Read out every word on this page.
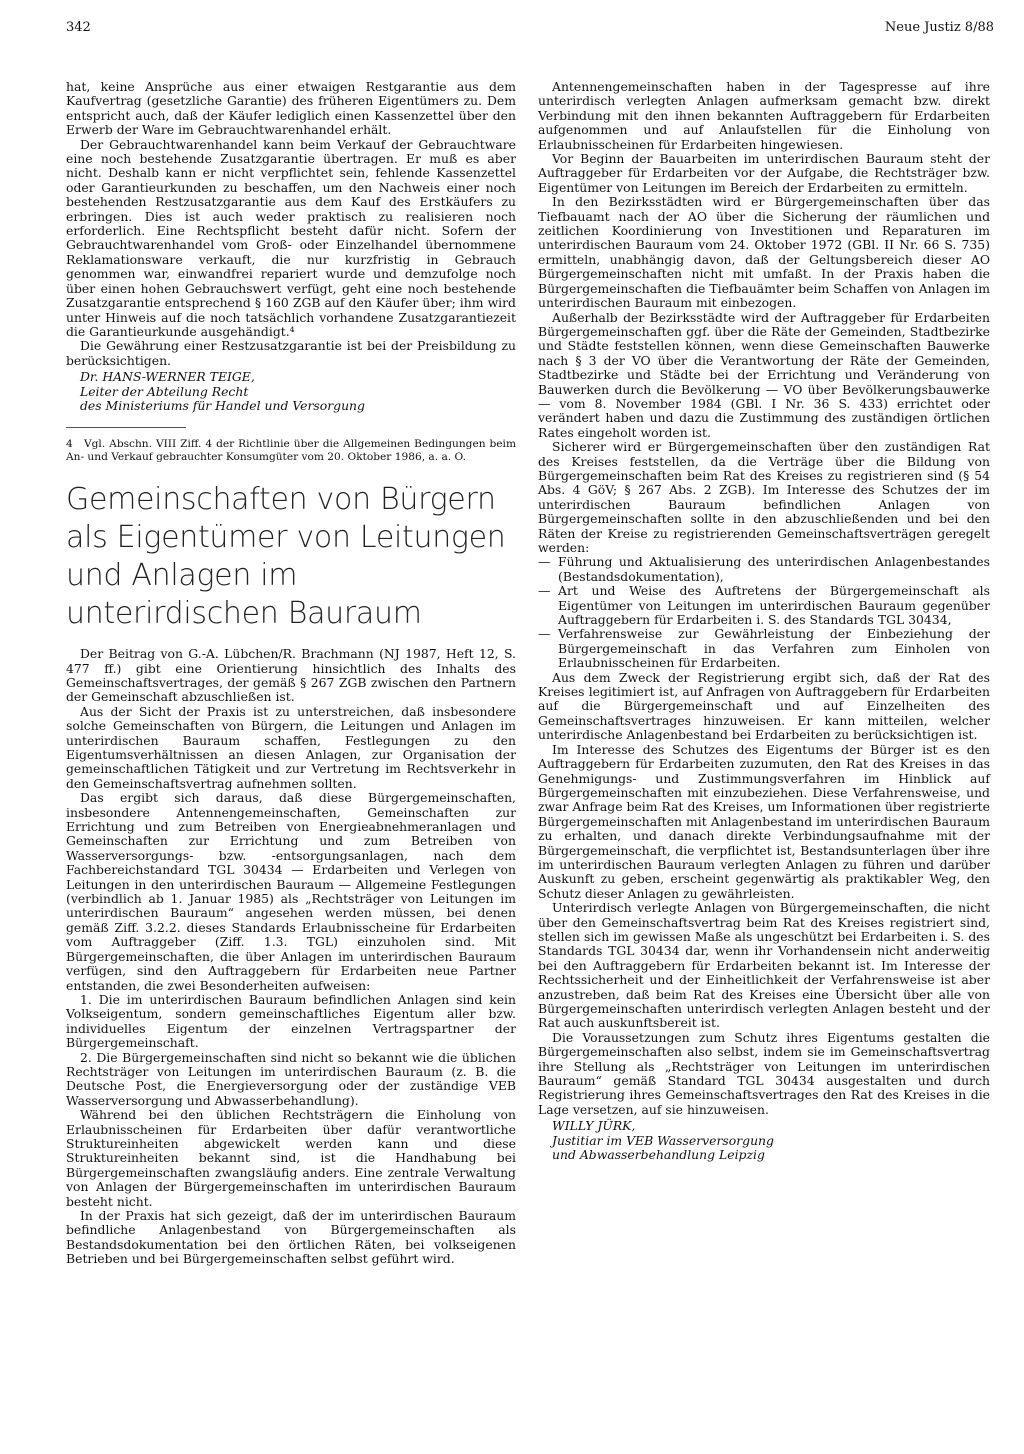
342	Neue Justiz 8/88

hat, keine Ansprüche aus einer etwaigen Restgarantie aus dem Kaufvertrag (gesetzliche Garantie) des früheren Eigentümers zu. Dem entspricht auch, daß der Käufer lediglich einen Kassenzettel über den Erwerb der Ware im Gebrauchtwarenhandel erhält.

Der Gebrauchtwarenhandel kann beim Verkauf der Gebrauchtware eine noch bestehende Zusatzgarantie übertragen. Er muß es aber nicht. Deshalb kann er nicht verpflichtet sein, fehlende Kassenzettel oder Garantieurkunden zu beschaffen, um den Nachweis einer noch bestehenden Restzusatzgarantie aus dem Kauf des Erstkäufers zu erbringen. Dies ist auch weder praktisch zu realisieren noch erforderlich. Eine Rechtspflicht besteht dafür nicht. Sofern der Gebrauchtwarenhandel vom Groß- oder Einzelhandel übernommene Reklamationsware verkauft, die nur kurzfristig in Gebrauch genommen war, einwandfrei repariert wurde und demzufolge noch über einen hohen Gebrauchswert verfügt, geht eine noch bestehende Zusatzgarantie entsprechend § 160 ZGB auf den Käufer über; ihm wird unter Hinweis auf die noch tatsächlich vorhandene Zusatzgarantiezeit die Garantieurkunde ausgehändigt.⁴

Die Gewährung einer Restzusatzgarantie ist bei der Preisbildung zu berücksichtigen.

Dr. HANS-WERNER TEIGE,

Leiter der Abteilung Recht

des Ministeriums für Handel und Versorgung

4 Vgl. Abschn. VIII Ziff. 4 der Richtlinie über die Allgemeinen Bedingungen beim An- und Verkauf gebrauchter Konsumgüter vom 20. Oktober 1986, a. a. O.

Gemeinschaften von Bürgern als Eigentümer von Leitungen und Anlagen im unterirdischen Bauraum

Der Beitrag von G.-A. Lübchen/R. Brachmann (NJ 1987, Heft 12, S. 477 ff.) gibt eine Orientierung hinsichtlich des Inhalts des Gemeinschaftsvertrages, der gemäß § 267 ZGB zwischen den Partnern der Gemeinschaft abzuschließen ist.

Aus der Sicht der Praxis ist zu unterstreichen, daß insbesondere solche Gemeinschaften von Bürgern, die Leitungen und Anlagen im unterirdischen Bauraum schaffen, Festlegungen zu den Eigentumsverhältnissen an diesen Anlagen, zur Organisation der gemeinschaftlichen Tätigkeit und zur Vertretung im Rechtsverkehr in den Gemeinschaftsvertrag aufnehmen sollten.

Das ergibt sich daraus, daß diese Bürgergemeinschaften, insbesondere Antennengemeinschaften, Gemeinschaften zur Errichtung und zum Betreiben von Energieabnehmeranlagen und Gemeinschaften zur Errichtung und zum Betreiben von Wasserversorgungs- bzw. -entsorgungsanlagen, nach dem Fachbereichstandard TGL 30434 — Erdarbeiten und Verlegen von Leitungen in den unterirdischen Bauraum — Allgemeine Festlegungen (verbindlich ab 1. Januar 1985) als „Rechtsträger von Leitungen im unterirdischen Bauraum“ angesehen werden müssen, bei denen gemäß Ziff. 3.2.2. dieses Standards Erlaubnisscheine für Erdarbeiten vom Auftraggeber (Ziff. 1.3. TGL) einzuholen sind. Mit Bürgergemeinschaften, die über Anlagen im unterirdischen Bauraum verfügen, sind den Auftraggebern für Erdarbeiten neue Partner entstanden, die zwei Besonderheiten aufweisen:

1. Die im unterirdischen Bauraum befindlichen Anlagen sind kein Volkseigentum, sondern gemeinschaftliches Eigentum aller bzw. individuelles Eigentum der einzelnen Vertragspartner der Bürgergemeinschaft.

2. Die Bürgergemeinschaften sind nicht so bekannt wie die üblichen Rechtsträger von Leitungen im unterirdischen Bauraum (z. B. die Deutsche Post, die Energieversorgung oder der zuständige VEB Wasserversorgung und Abwasserbehandlung).

Während bei den üblichen Rechtsträgern die Einholung von Erlaubnisscheinen für Erdarbeiten über dafür verantwortliche Struktureinheiten abgewickelt werden kann und diese Struktureinheiten bekannt sind, ist die Handhabung bei Bürgergemeinschaften zwangsläufig anders. Eine zentrale Verwaltung von Anlagen der Bürgergemeinschaften im unterirdischen Bauraum besteht nicht.

In der Praxis hat sich gezeigt, daß der im unterirdischen Bauraum befindliche Anlagenbestand von Bürgergemeinschaften als Bestandsdokumentation bei den örtlichen Räten, bei volkseigenen Betrieben und bei Bürgergemeinschaften selbst geführt wird.

Antennengemeinschaften haben in der Tagespresse auf ihre unterirdisch verlegten Anlagen aufmerksam gemacht bzw. direkt Verbindung mit den ihnen bekannten Auftraggebern für Erdarbeiten aufgenommen und auf Anlaufstellen für die Einholung von Erlaubnisscheinen für Erdarbeiten hingewiesen.

Vor Beginn der Bauarbeiten im unterirdischen Bauraum steht der Auftraggeber für Erdarbeiten vor der Aufgabe, die Rechtsträger bzw. Eigentümer von Leitungen im Bereich der Erdarbeiten zu ermitteln.

In den Bezirksstädten wird er Bürgergemeinschaften über das Tiefbauamt nach der AO über die Sicherung der räumlichen und zeitlichen Koordinierung von Investitionen und Reparaturen im unterirdischen Bauraum vom 24. Oktober 1972 (GBl. II Nr. 66 S. 735) ermitteln, unabhängig davon, daß der Geltungsbereich dieser AO Bürgergemeinschaften nicht mit umfaßt. In der Praxis haben die Bürgergemeinschaften die Tiefbauämter beim Schaffen von Anlagen im unterirdischen Bauraum mit einbezogen.

Außerhalb der Bezirksstädte wird der Auftraggeber für Erdarbeiten Bürgergemeinschaften ggf. über die Räte der Gemeinden, Stadtbezirke und Städte feststellen können, wenn diese Gemeinschaften Bauwerke nach § 3 der VO über die Verantwortung der Räte der Gemeinden, Stadtbezirke und Städte bei der Errichtung und Veränderung von Bauwerken durch die Bevölkerung — VO über Bevölkerungsbauwerke — vom 8. November 1984 (GBl. I Nr. 36 S. 433) errichtet oder verändert haben und dazu die Zustimmung des zuständigen örtlichen Rates eingeholt worden ist.

Sicherer wird er Bürgergemeinschaften über den zuständigen Rat des Kreises feststellen, da die Verträge über die Bildung von Bürgergemeinschaften beim Rat des Kreises zu registrieren sind (§ 54 Abs. 4 GöV; § 267 Abs. 2 ZGB). Im Interesse des Schutzes der im unterirdischen Bauraum befindlichen Anlagen von Bürgergemeinschaften sollte in den abzuschließenden und bei den Räten der Kreise zu registrierenden Gemeinschaftsverträgen geregelt werden:

— Führung und Aktualisierung des unterirdischen Anlagenbestandes (Bestandsdokumentation),
— Art und Weise des Auftretens der Bürgergemeinschaft als Eigentümer von Leitungen im unterirdischen Bauraum gegenüber Auftraggebern für Erdarbeiten i. S. des Standards TGL 30434,
— Verfahrensweise zur Gewährleistung der Einbeziehung der Bürgergemeinschaft in das Verfahren zum Einholen von Erlaubnisscheinen für Erdarbeiten.

Aus dem Zweck der Registrierung ergibt sich, daß der Rat des Kreises legitimiert ist, auf Anfragen von Auftraggebern für Erdarbeiten auf die Bürgergemeinschaft und auf Einzelheiten des Gemeinschaftsvertrages hinzuweisen. Er kann mitteilen, welcher unterirdische Anlagenbestand bei Erdarbeiten zu berücksichtigen ist.

Im Interesse des Schutzes des Eigentums der Bürger ist es den Auftraggebern für Erdarbeiten zuzumuten, den Rat des Kreises in das Genehmigungs- und Zustimmungsverfahren im Hinblick auf Bürgergemeinschaften mit einzubeziehen. Diese Verfahrensweise, und zwar Anfrage beim Rat des Kreises, um Informationen über registrierte Bürgergemeinschaften mit Anlagenbestand im unterirdischen Bauraum zu erhalten, und danach direkte Verbindungsaufnahme mit der Bürgergemeinschaft, die verpflichtet ist, Bestandsunterlagen über ihre im unterirdischen Bauraum verlegten Anlagen zu führen und darüber Auskunft zu geben, erscheint gegenwärtig als praktikabler Weg, den Schutz dieser Anlagen zu gewährleisten.

Unterirdisch verlegte Anlagen von Bürgergemeinschaften, die nicht über den Gemeinschaftsvertrag beim Rat des Kreises registriert sind, stellen sich im gewissen Maße als ungeschützt bei Erdarbeiten i. S. des Standards TGL 30434 dar, wenn ihr Vorhandensein nicht anderweitig bei den Auftraggebern für Erdarbeiten bekannt ist. Im Interesse der Rechtssicherheit und der Einheitlichkeit der Verfahrensweise ist aber anzustreben, daß beim Rat des Kreises eine Übersicht über alle von Bürgergemeinschaften unterirdisch verlegten Anlagen besteht und der Rat auch auskunftsbereit ist.

Die Voraussetzungen zum Schutz ihres Eigentums gestalten die Bürgergemeinschaften also selbst, indem sie im Gemeinschaftsvertrag ihre Stellung als „Rechtsträger von Leitungen im unterirdischen Bauraum“ gemäß Standard TGL 30434 ausgestalten und durch Registrierung ihres Gemeinschaftsvertrages den Rat des Kreises in die Lage versetzen, auf sie hinzuweisen.

WILLY JÜRK,

Justitiar im VEB Wasserversorgung

und Abwasserbehandlung Leipzig
